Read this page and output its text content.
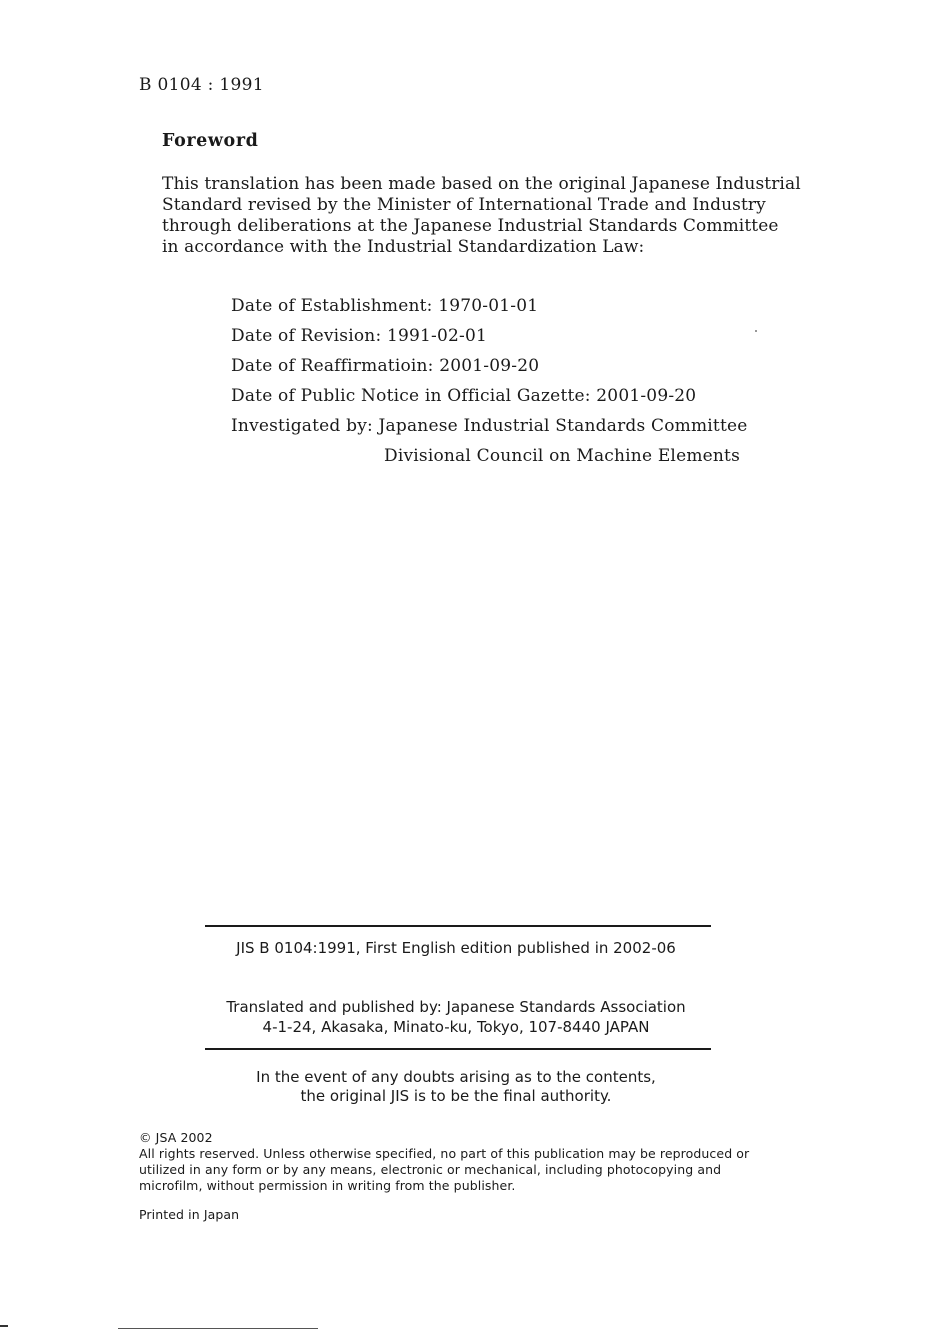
B 0104 : 1991
Foreword
This translation has been made based on the original Japanese Industrial
Standard revised by the Minister of International Trade and Industry
through deliberations at the Japanese Industrial Standards Committee
in accordance with the Industrial Standardization Law:
Date of Establishment: 1970-01-01
Date of Revision: 1991-02-01
Date of Reaffirmatioin: 2001-09-20
Date of Public Notice in Official Gazette: 2001-09-20
Investigated by: Japanese Industrial Standards Committee
Divisional Council on Machine Elements
JIS B 0104:1991, First English edition published in 2002-06
Translated and published by: Japanese Standards Association
4-1-24, Akasaka, Minato-ku, Tokyo, 107-8440 JAPAN
In the event of any doubts arising as to the contents,
the original JIS is to be the final authority.
© JSA 2002
All rights reserved. Unless otherwise specified, no part of this publication may be reproduced or
utilized in any form or by any means, electronic or mechanical, including photocopying and
microfilm, without permission in writing from the publisher.
Printed in Japan
